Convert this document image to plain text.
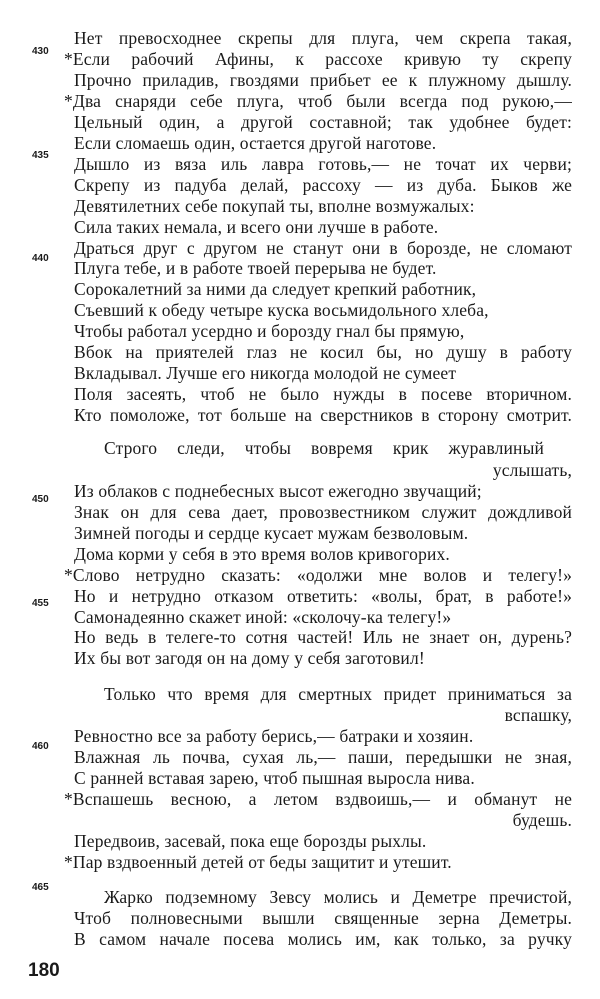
430
435
440
450
455
460
465
Нет превосходнее скрепы для плуга, чем скрепа такая,
*Если рабочий Афины, к рассохе кривую ту скрепу
Прочно приладив, гвоздями прибьет ее к плужному дышлу.
*Два снаряди себе плуга, чтоб были всегда под рукою,—
Цельный один, а другой составной; так удобнее будет:
Если сломаешь один, остается другой наготове.
Дышло из вяза иль лавра готовь,— не точат их черви;
Скрепу из падуба делай, рассоху — из дуба. Быков же
Девятилетних себе покупай ты, вполне возмужалых:
Сила таких немала, и всего они лучше в работе.
Драться друг с другом не станут они в борозде, не сломают
Плуга тебе, и в работе твоей перерыва не будет.
Сорокалетний за ними да следует крепкий работник,
Съевший к обеду четыре куска восьмидольного хлеба,
Чтобы работал усердно и борозду гнал бы прямую,
Вбок на приятелей глаз не косил бы, но душу в работу
Вкладывал. Лучше его никогда молодой не сумеет
Поля засеять, чтоб не было нужды в посеве вторичном.
Кто помоложе, тот больше на сверстников в сторону смотрит.
Строго следи, чтобы вовремя крик журавлиный
услышать,
Из облаков с поднебесных высот ежегодно звучащий;
Знак он для сева дает, провозвестником служит дождливой
Зимней погоды и сердце кусает мужам безволовым.
Дома корми у себя в это время волов кривогорих.
*Слово нетрудно сказать: «одолжи мне волов и телегу!»
Но и нетрудно отказом ответить: «волы, брат, в работе!»
Самонадеянно скажет иной: «сколочу-ка телегу!»
Но ведь в телеге-то сотня частей! Иль не знает он, дурень?
Их бы вот загодя он на дому у себя заготовил!
Только что время для смертных придет приниматься за
вспашку,
Ревностно все за работу берись,— батраки и хозяин.
Влажная ль почва, сухая ль,— паши, передышки не зная,
С ранней вставая зарею, чтоб пышная выросла нива.
*Вспашешь весною, а летом вздвоишь,— и обманут не
будешь.
Передвоив, засевай, пока еще борозды рыхлы.
*Пар вздвоенный детей от беды защитит и утешит.
Жарко подземному Зевсу молись и Деметре пречистой,
Чтоб полновесными вышли священные зерна Деметры.
В самом начале посева молись им, как только, за ручку
180
